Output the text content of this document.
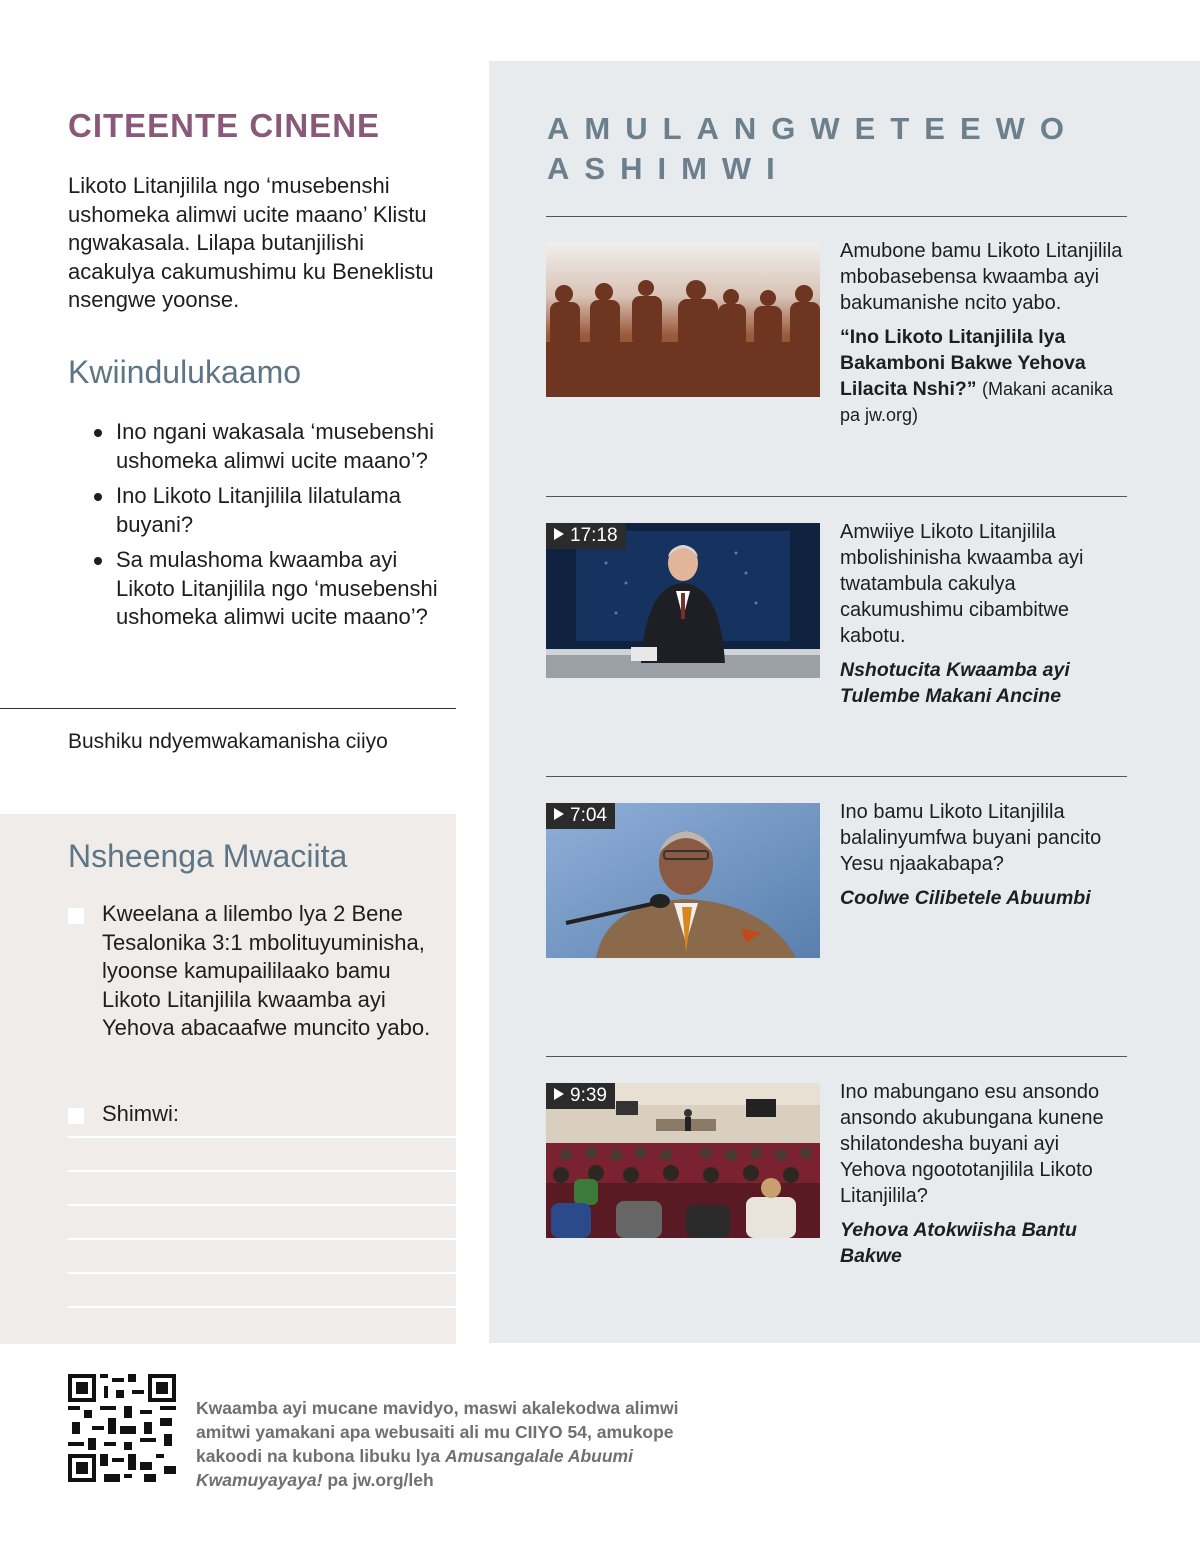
CITEENTE CINENE

Likoto Litanjilila ngo ‘musebenshi ushomeka alimwi ucite maano’ Klistu ngwakasala. Lilapa butanjilishi acakulya cakumushimu ku Beneklistu nsengwe yoonse.

Kwiindulukaamo
Ino ngani wakasala ‘musebenshi ushomeka alimwi ucite maano’?
Ino Likoto Litanjilila lilatulama buyani?
Sa mulashoma kwaamba ayi Likoto Litanjilila ngo ‘musebenshi ushomeka alimwi ucite maano’?
Bushiku ndyemwakamanisha ciiyo
Nsheenga Mwaciita
Kweelana a lilembo lya 2 Bene Tesalonika 3:1 mbolituyuminisha, lyoonse kamupaililaako bamu Likoto Litanjilila kwaamba ayi Yehova abacaafwe muncito yabo.
Shimwi:
AMULANGWETEEWO ASHIMWI
Amubone bamu Likoto Litanjilila mbobasebensa kwaamba ayi bakumanishe ncito yabo.
“Ino Likoto Litanjilila lya Bakamboni Bakwe Yehova Lilacita Nshi?” (Makani acanika pa jw.org)
17:18	Amwiiye Likoto Litanjilila mbolishinisha kwaamba ayi twatambula cakulya cakumushimu cibambitwe kabotu.
Nshotucita Kwaamba ayi Tulembe Makani Ancine
7:04	Ino bamu Likoto Litanjilila balalinyumfwa buyani pancito Yesu njaakabapa?
Coolwe Cilibetele Abuumbi
9:39	Ino mabungano esu ansondo ansondo akubungana kunene shilatondesha buyani ayi Yehova ngoototanjilila Likoto Litanjilila?
Yehova Atokwiisha Bantu Bakwe
Kwaamba ayi mucane mavidyo, maswi akalekodwa alimwi amitwi yamakani apa webusaiti ali mu CIIYO 54, amukope kakoodi na kubona libuku lya Amusangalale Abuumi Kwamuyayaya! pa jw.org/leh
